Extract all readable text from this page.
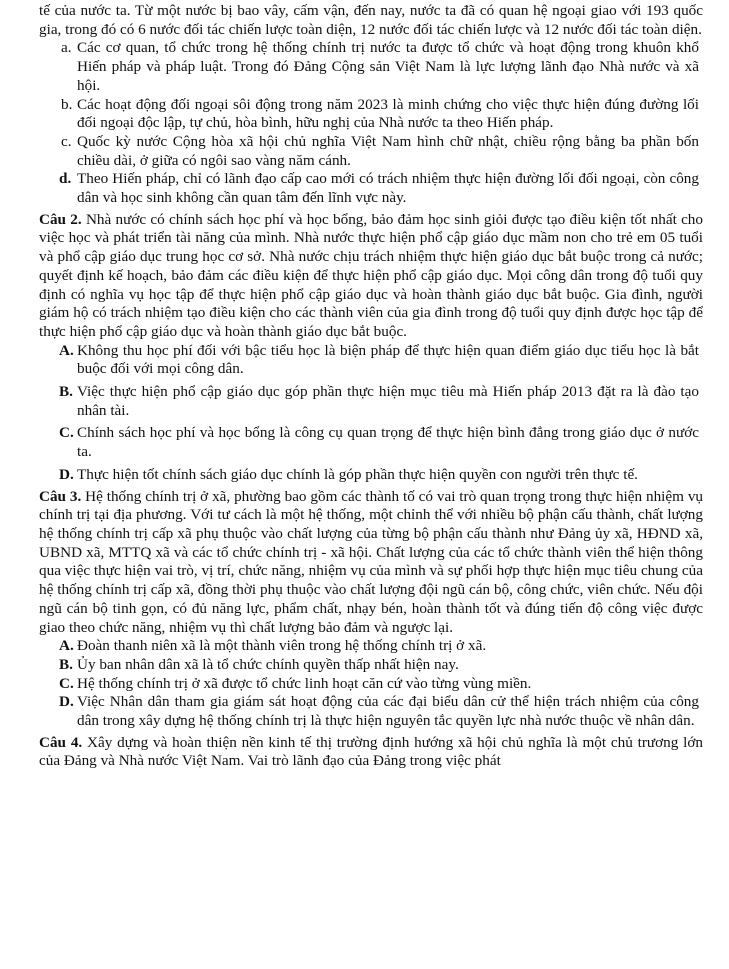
tế của nước ta. Từ một nước bị bao vây, cấm vận, đến nay, nước ta đã có quan hệ ngoại giao với 193 quốc gia, trong đó có 6 nước đối tác chiến lược toàn diện, 12 nước đối tác chiến lược và 12 nước đối tác toàn diện.

a. Các cơ quan, tổ chức trong hệ thống chính trị nước ta được tổ chức và hoạt động trong khuôn khổ Hiến pháp và pháp luật. Trong đó Đảng Cộng sản Việt Nam là lực lượng lãnh đạo Nhà nước và xã hội.
b. Các hoạt động đối ngoại sôi động trong năm 2023 là minh chứng cho việc thực hiện đúng đường lối đối ngoại độc lập, tự chủ, hòa bình, hữu nghị của Nhà nước ta theo Hiến pháp.
c. Quốc kỳ nước Cộng hòa xã hội chủ nghĩa Việt Nam hình chữ nhật, chiều rộng bằng ba phần bốn chiều dài, ở giữa có ngôi sao vàng năm cánh.
d. Theo Hiến pháp, chỉ có lãnh đạo cấp cao mới có trách nhiệm thực hiện đường lối đối ngoại, còn công dân và học sinh không cần quan tâm đến lĩnh vực này.

Câu 2. Nhà nước có chính sách học phí và học bổng, bảo đảm học sinh giỏi được tạo điều kiện tốt nhất cho việc học và phát triển tài năng của mình. Nhà nước thực hiện phổ cập giáo dục mầm non cho trẻ em 05 tuổi và phổ cập giáo dục trung học cơ sở. Nhà nước chịu trách nhiệm thực hiện giáo dục bắt buộc trong cả nước; quyết định kế hoạch, bảo đảm các điều kiện để thực hiện phổ cập giáo dục. Mọi công dân trong độ tuổi quy định có nghĩa vụ học tập để thực hiện phổ cập giáo dục và hoàn thành giáo dục bắt buộc. Gia đình, người giám hộ có trách nhiệm tạo điều kiện cho các thành viên của gia đình trong độ tuổi quy định được học tập để thực hiện phổ cập giáo dục và hoàn thành giáo dục bắt buộc.

A. Không thu học phí đối với bậc tiểu học là biện pháp để thực hiện quan điểm giáo dục tiểu học là bắt buộc đối với mọi công dân.
B. Việc thực hiện phổ cập giáo dục góp phần thực hiện mục tiêu mà Hiến pháp 2013 đặt ra là đào tạo nhân tài.
C. Chính sách học phí và học bổng là công cụ quan trọng để thực hiện bình đẳng trong giáo dục ở nước ta.
D. Thực hiện tốt chính sách giáo dục chính là góp phần thực hiện quyền con người trên thực tế.

Câu 3. Hệ thống chính trị ở xã, phường bao gồm các thành tố có vai trò quan trọng trong thực hiện nhiệm vụ chính trị tại địa phương. Với tư cách là một hệ thống, một chỉnh thể với nhiều bộ phận cấu thành, chất lượng hệ thống chính trị cấp xã phụ thuộc vào chất lượng của từng bộ phận cấu thành như Đảng ủy xã, HĐND xã, UBND xã, MTTQ xã và các tổ chức chính trị - xã hội. Chất lượng của các tổ chức thành viên thể hiện thông qua việc thực hiện vai trò, vị trí, chức năng, nhiệm vụ của mình và sự phối hợp thực hiện mục tiêu chung của hệ thống chính trị cấp xã, đồng thời phụ thuộc vào chất lượng đội ngũ cán bộ, công chức, viên chức. Nếu đội ngũ cán bộ tinh gọn, có đủ năng lực, phẩm chất, nhạy bén, hoàn thành tốt và đúng tiến độ công việc được giao theo chức năng, nhiệm vụ thì chất lượng bảo đảm và ngược lại.

A. Đoàn thanh niên xã là một thành viên trong hệ thống chính trị ở xã.
B. Ủy ban nhân dân xã là tổ chức chính quyền thấp nhất hiện nay.
C. Hệ thống chính trị ở xã được tổ chức linh hoạt căn cứ vào từng vùng miền.
D. Việc Nhân dân tham gia giám sát hoạt động của các đại biểu dân cử thể hiện trách nhiệm của công dân trong xây dựng hệ thống chính trị là thực hiện nguyên tắc quyền lực nhà nước thuộc về nhân dân.

Câu 4. Xây dựng và hoàn thiện nền kinh tế thị trường định hướng xã hội chủ nghĩa là một chủ trương lớn của Đảng và Nhà nước Việt Nam. Vai trò lãnh đạo của Đảng trong việc phát
